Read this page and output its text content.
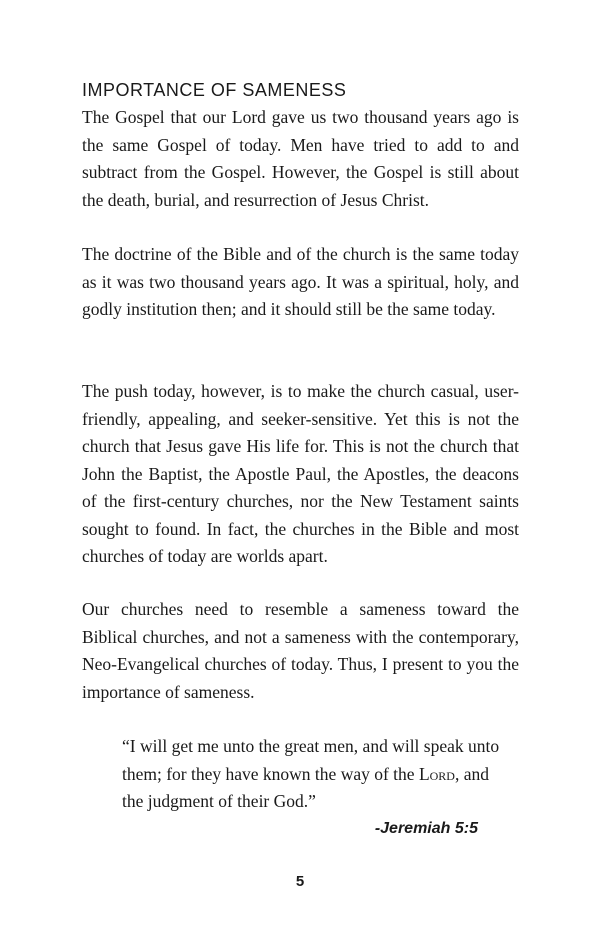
IMPORTANCE OF SAMENESS

The Gospel that our Lord gave us two thousand years ago is the same Gospel of today. Men have tried to add to and subtract from the Gospel. However, the Gospel is still about the death, burial, and resurrection of Jesus Christ.

The doctrine of the Bible and of the church is the same today as it was two thousand years ago. It was a spiritual, holy, and godly institution then; and it should still be the same today.

The push today, however, is to make the church casual, user-friendly, appealing, and seeker-sensitive. Yet this is not the church that Jesus gave His life for. This is not the church that John the Baptist, the Apostle Paul, the Apostles, the deacons of the first-century churches, nor the New Testament saints sought to found. In fact, the churches in the Bible and most churches of today are worlds apart.

Our churches need to resemble a sameness toward the Biblical churches, and not a sameness with the contemporary, Neo-Evangelical churches of today. Thus, I present to you the importance of sameness.

“I will get me unto the great men, and will speak unto them; for they have known the way of the Lord, and the judgment of their God.”

-Jeremiah 5:5

5
